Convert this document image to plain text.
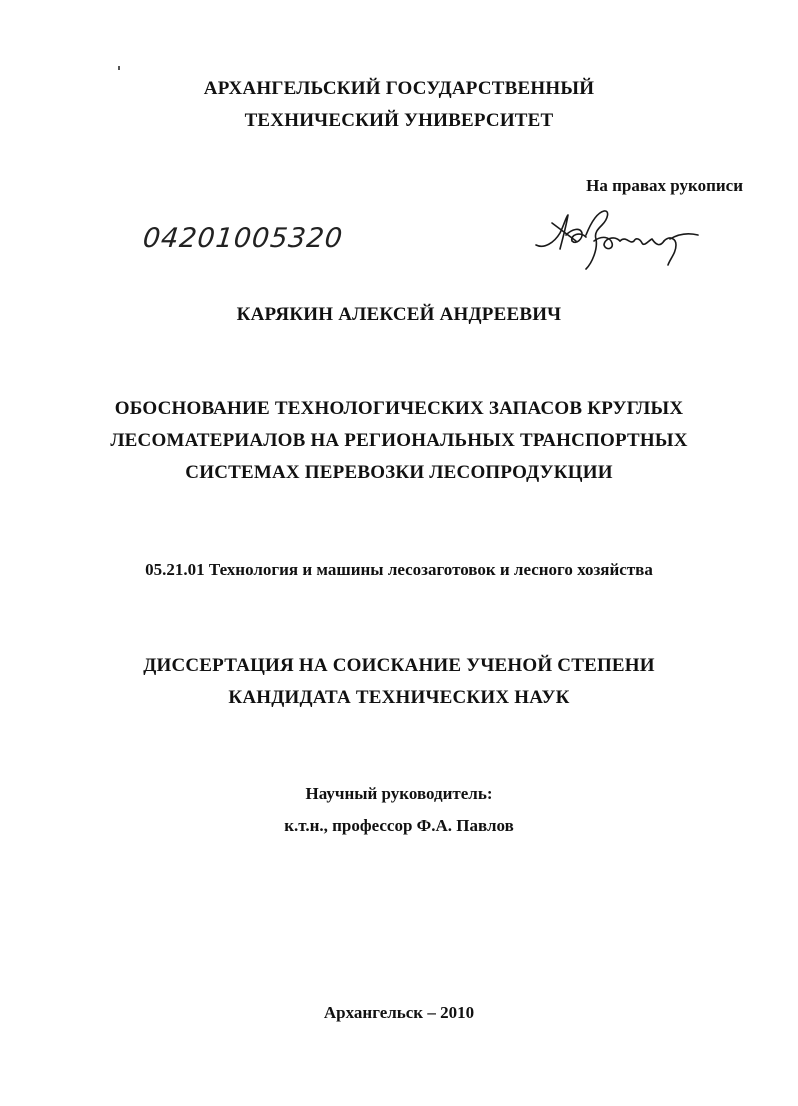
АРХАНГЕЛЬСКИЙ ГОСУДАРСТВЕННЫЙ
ТЕХНИЧЕСКИЙ УНИВЕРСИТЕТ
На правах рукописи
04201005320
КАРЯКИН АЛЕКСЕЙ АНДРЕЕВИЧ
ОБОСНОВАНИЕ ТЕХНОЛОГИЧЕСКИХ ЗАПАСОВ КРУГЛЫХ
ЛЕСОМАТЕРИАЛОВ НА РЕГИОНАЛЬНЫХ ТРАНСПОРТНЫХ
СИСТЕМАХ ПЕРЕВОЗКИ ЛЕСОПРОДУКЦИИ
05.21.01 Технология и машины лесозаготовок и лесного хозяйства
ДИССЕРТАЦИЯ НА СОИСКАНИЕ УЧЕНОЙ СТЕПЕНИ
КАНДИДАТА ТЕХНИЧЕСКИХ НАУК
Научный руководитель:
к.т.н., профессор Ф.А. Павлов
Архангельск – 2010
